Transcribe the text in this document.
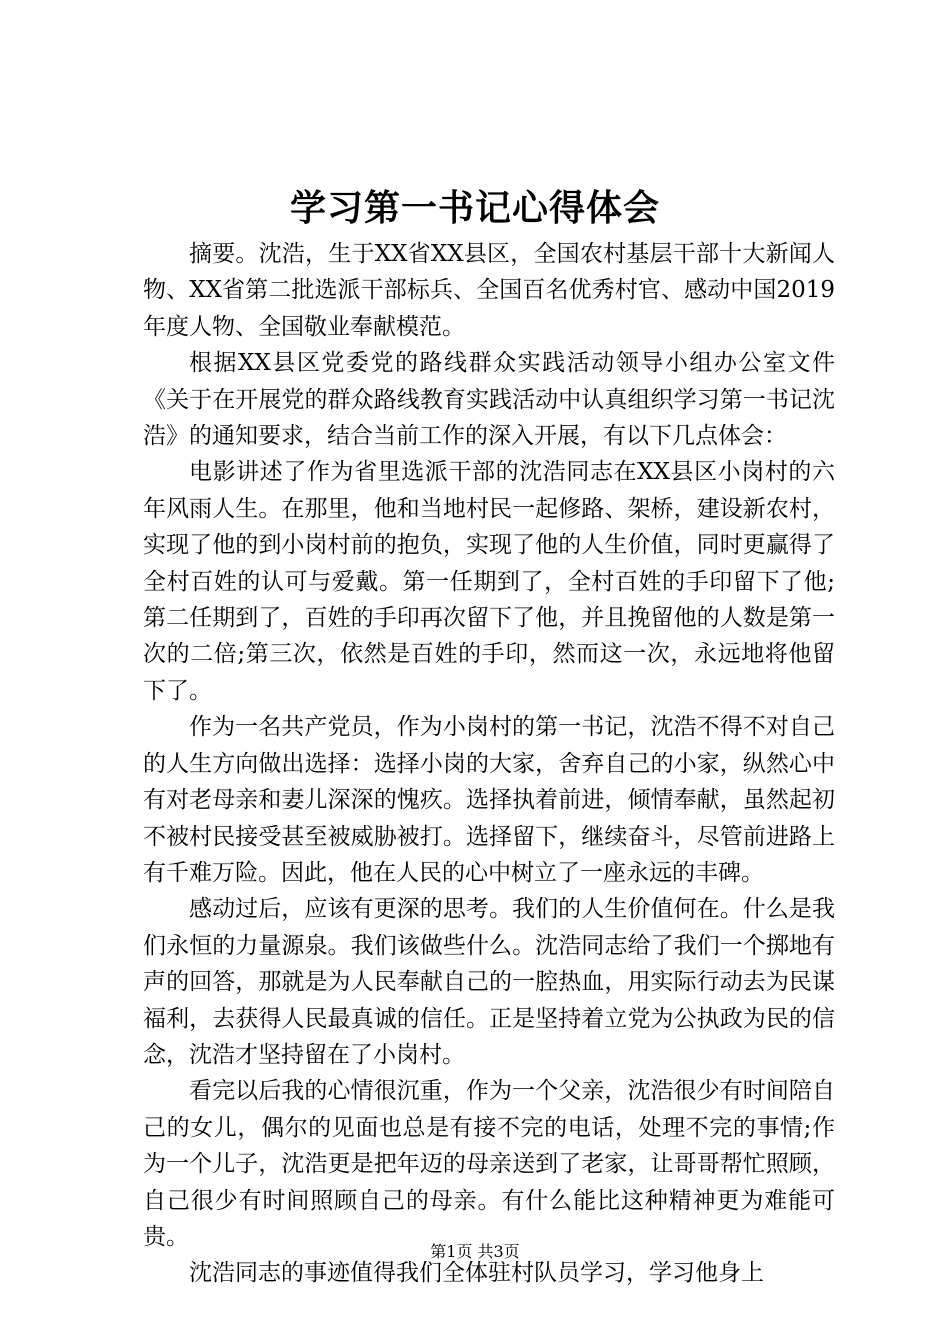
学习第一书记心得体会

摘要。沈浩，生于XX省XX县区，全国农村基层干部十大新闻人物、XX省第二批选派干部标兵、全国百名优秀村官、感动中国2019年度人物、全国敬业奉献模范。

根据XX县区党委党的路线群众实践活动领导小组办公室文件《关于在开展党的群众路线教育实践活动中认真组织学习第一书记沈浩》的通知要求，结合当前工作的深入开展，有以下几点体会：

电影讲述了作为省里选派干部的沈浩同志在XX县区小岗村的六年风雨人生。在那里，他和当地村民一起修路、架桥，建设新农村，实现了他的到小岗村前的抱负，实现了他的人生价值，同时更赢得了全村百姓的认可与爱戴。第一任期到了，全村百姓的手印留下了他;第二任期到了，百姓的手印再次留下了他，并且挽留他的人数是第一次的二倍;第三次，依然是百姓的手印，然而这一次，永远地将他留下了。

作为一名共产党员，作为小岗村的第一书记，沈浩不得不对自己的人生方向做出选择：选择小岗的大家，舍弃自己的小家，纵然心中有对老母亲和妻儿深深的愧疚。选择执着前进，倾情奉献，虽然起初不被村民接受甚至被威胁被打。选择留下，继续奋斗，尽管前进路上有千难万险。因此，他在人民的心中树立了一座永远的丰碑。

感动过后，应该有更深的思考。我们的人生价值何在。什么是我们永恒的力量源泉。我们该做些什么。沈浩同志给了我们一个掷地有声的回答，那就是为人民奉献自己的一腔热血，用实际行动去为民谋福利，去获得人民最真诚的信任。正是坚持着立党为公执政为民的信念，沈浩才坚持留在了小岗村。

看完以后我的心情很沉重，作为一个父亲，沈浩很少有时间陪自己的女儿，偶尔的见面也总是有接不完的电话，处理不完的事情;作为一个儿子，沈浩更是把年迈的母亲送到了老家，让哥哥帮忙照顾，自己很少有时间照顾自己的母亲。有什么能比这种精神更为难能可贵。

沈浩同志的事迹值得我们全体驻村队员学习，学习他身上

第1页 共3页
